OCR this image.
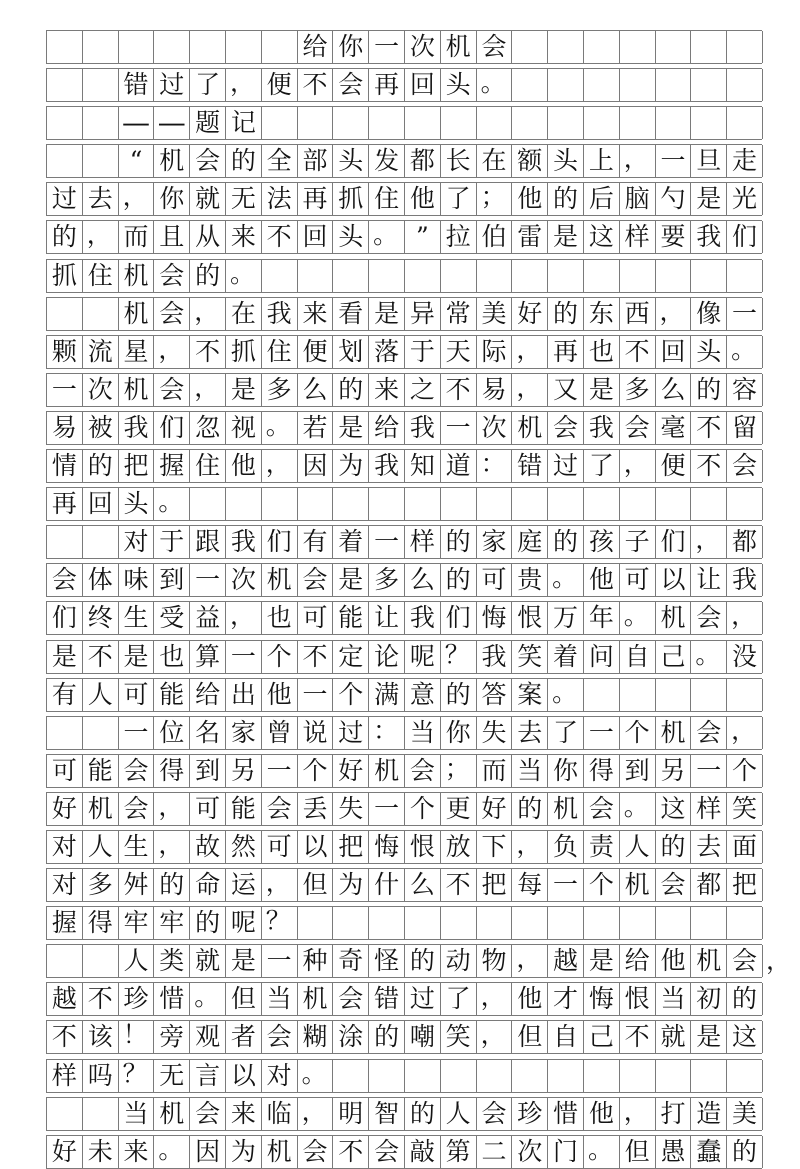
给 你 一 次 机 会
错 过 了 ， 便 不 会 再 回 头 。
— — 题 记
“ 机 会 的 全 部 头 发 都 长 在 额 头 上 ， 一 旦 走
过 去 ， 你 就 无 法 再 抓 住 他 了 ； 他 的 后 脑 勺 是 光
的 ， 而 且 从 来 不 回 头 。 ” 拉 伯 雷 是 这 样 要 我 们
抓 住 机 会 的 。
机 会 ， 在 我 来 看 是 异 常 美 好 的 东 西 ， 像 一
颗 流 星 ， 不 抓 住 便 划 落 于 天 际 ， 再 也 不 回 头 。
一 次 机 会 ， 是 多 么 的 来 之 不 易 ， 又 是 多 么 的 容
易 被 我 们 忽 视 。 若 是 给 我 一 次 机 会 我 会 毫 不 留
情 的 把 握 住 他 ， 因 为 我 知 道 ： 错 过 了 ， 便 不 会
再 回 头 。
对 于 跟 我 们 有 着 一 样 的 家 庭 的 孩 子 们 ， 都
会 体 味 到 一 次 机 会 是 多 么 的 可 贵 。 他 可 以 让 我
们 终 生 受 益 ， 也 可 能 让 我 们 悔 恨 万 年 。 机 会 ，
是 不 是 也 算 一 个 不 定 论 呢 ？ 我 笑 着 问 自 己 。 没
有 人 可 能 给 出 他 一 个 满 意 的 答 案 。
一 位 名 家 曾 说 过 ： 当 你 失 去 了 一 个 机 会 ，
可 能 会 得 到 另 一 个 好 机 会 ； 而 当 你 得 到 另 一 个
好 机 会 ， 可 能 会 丢 失 一 个 更 好 的 机 会 。 这 样 笑
对 人 生 ， 故 然 可 以 把 悔 恨 放 下 ， 负 责 人 的 去 面
对 多 舛 的 命 运 ， 但 为 什 么 不 把 每 一 个 机 会 都 把
握 得 牢 牢 的 呢 ？
人 类 就 是 一 种 奇 怪 的 动 物 ， 越 是 给 他 机 会 ，
越 不 珍 惜 。 但 当 机 会 错 过 了 ， 他 才 悔 恨 当 初 的
不 该 ！ 旁 观 者 会 糊 涂 的 嘲 笑 ， 但 自 己 不 就 是 这
样 吗 ？ 无 言 以 对 。
当 机 会 来 临 ， 明 智 的 人 会 珍 惜 他 ， 打 造 美
好 未 来 。 因 为 机 会 不 会 敲 第 二 次 门 。 但 愚 蠢 的
